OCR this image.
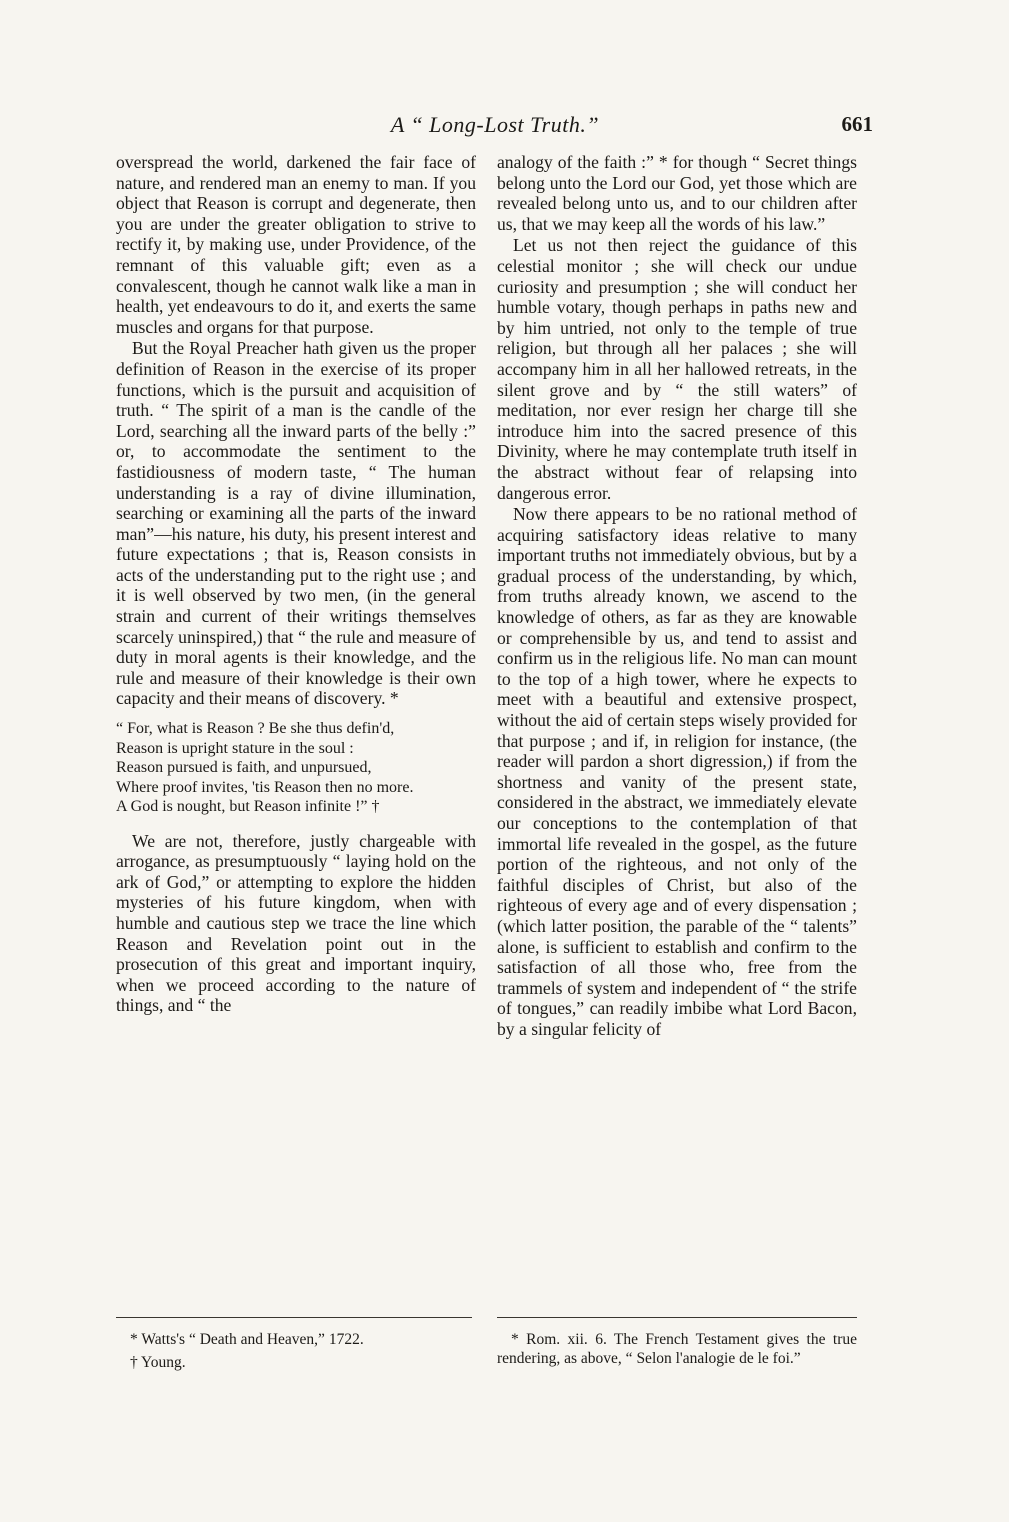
A “ Long-Lost Truth.”	661

overspread the world, darkened the fair face of nature, and rendered man an enemy to man. If you object that Reason is corrupt and degenerate, then you are under the greater obligation to strive to rectify it, by making use, under Providence, of the remnant of this valuable gift; even as a convalescent, though he cannot walk like a man in health, yet endeavours to do it, and exerts the same muscles and organs for that purpose.

But the Royal Preacher hath given us the proper definition of Reason in the exercise of its proper functions, which is the pursuit and acquisition of truth. “ The spirit of a man is the candle of the Lord, searching all the inward parts of the belly :” or, to accommodate the sentiment to the fastidiousness of modern taste, “ The human understanding is a ray of divine illumination, searching or examining all the parts of the inward man”—his nature, his duty, his present interest and future expectations ; that is, Reason consists in acts of the understanding put to the right use ; and it is well observed by two men, (in the general strain and current of their writings themselves scarcely uninspired,) that “ the rule and measure of duty in moral agents is their knowledge, and the rule and measure of their knowledge is their own capacity and their means of discovery. *

“ For, what is Reason ? Be she thus defin'd,
Reason is upright stature in the soul :
Reason pursued is faith, and unpursued,
Where proof invites, 'tis Reason then no more.
A God is nought, but Reason infinite !” †

We are not, therefore, justly chargeable with arrogance, as presumptuously “ laying hold on the ark of God,” or attempting to explore the hidden mysteries of his future kingdom, when with humble and cautious step we trace the line which Reason and Revelation point out in the prosecution of this great and important inquiry, when we proceed according to the nature of things, and “ the

analogy of the faith :” * for though “ Secret things belong unto the Lord our God, yet those which are revealed belong unto us, and to our children after us, that we may keep all the words of his law.”

Let us not then reject the guidance of this celestial monitor ; she will check our undue curiosity and presumption ; she will conduct her humble votary, though perhaps in paths new and by him untried, not only to the temple of true religion, but through all her palaces ; she will accompany him in all her hallowed retreats, in the silent grove and by “ the still waters” of meditation, nor ever resign her charge till she introduce him into the sacred presence of this Divinity, where he may contemplate truth itself in the abstract without fear of relapsing into dangerous error.

Now there appears to be no rational method of acquiring satisfactory ideas relative to many important truths not immediately obvious, but by a gradual process of the understanding, by which, from truths already known, we ascend to the knowledge of others, as far as they are knowable or comprehensible by us, and tend to assist and confirm us in the religious life. No man can mount to the top of a high tower, where he expects to meet with a beautiful and extensive prospect, without the aid of certain steps wisely provided for that purpose ; and if, in religion for instance, (the reader will pardon a short digression,) if from the shortness and vanity of the present state, considered in the abstract, we immediately elevate our conceptions to the contemplation of that immortal life revealed in the gospel, as the future portion of the righteous, and not only of the faithful disciples of Christ, but also of the righteous of every age and of every dispensation ; (which latter position, the parable of the “ talents” alone, is sufficient to establish and confirm to the satisfaction of all those who, free from the trammels of system and independent of “ the strife of tongues,” can readily imbibe what Lord Bacon, by a singular felicity of

* Watts's “ Death and Heaven,” 1722.

† Young.

* Rom. xii. 6. The French Testament gives the true rendering, as above, “ Selon l'analogie de le foi.”
